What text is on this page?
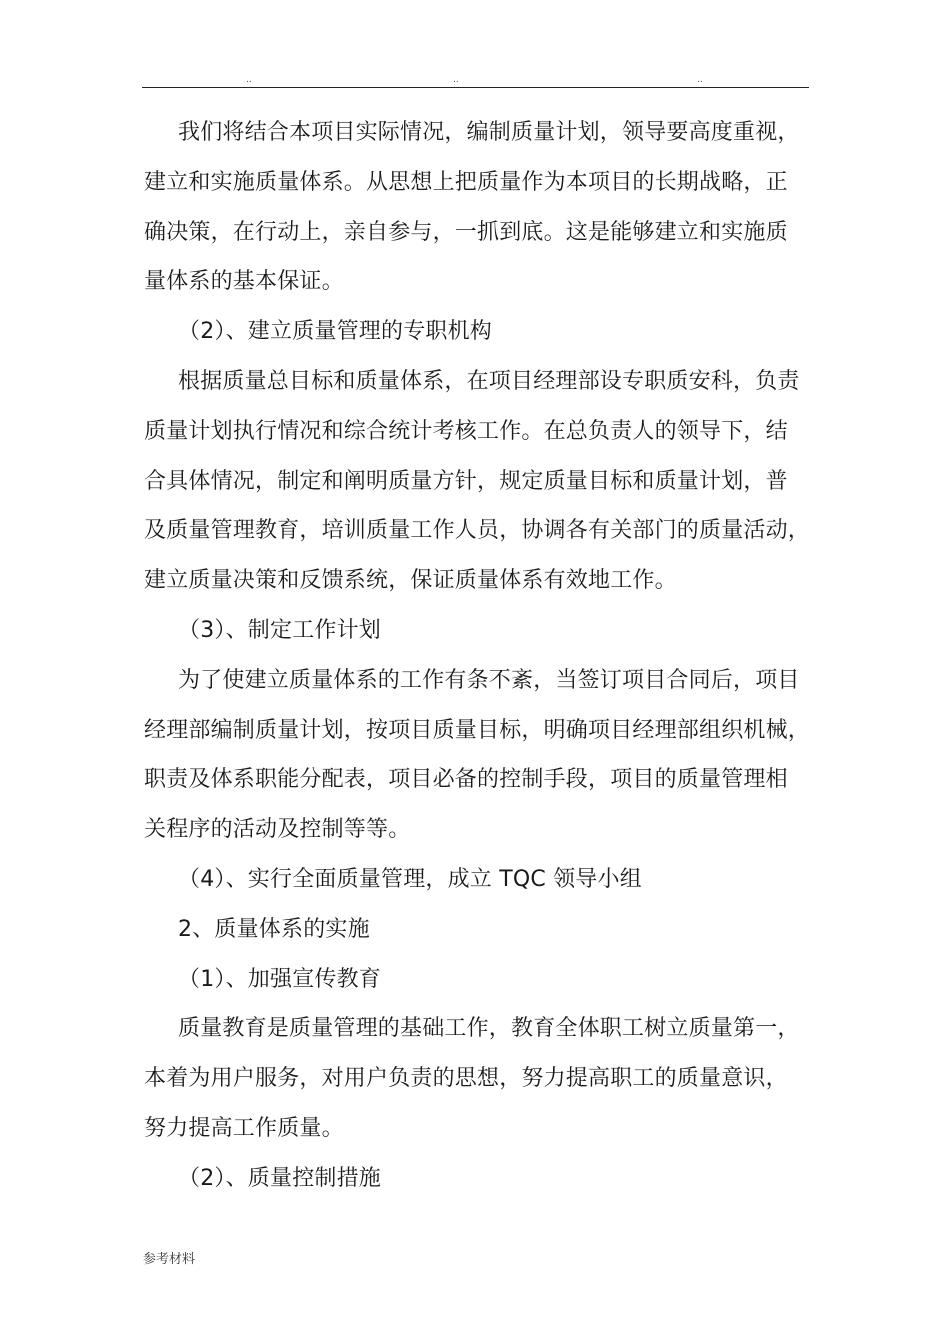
..	..	..
我们将结合本项目实际情况，编制质量计划，领导要高度重视，
建立和实施质量体系。从思想上把质量作为本项目的长期战略，正
确决策，在行动上，亲自参与，一抓到底。这是能够建立和实施质
量体系的基本保证。
（2）、建立质量管理的专职机构
根据质量总目标和质量体系，在项目经理部设专职质安科，负责
质量计划执行情况和综合统计考核工作。在总负责人的领导下，结
合具体情况，制定和阐明质量方针，规定质量目标和质量计划，普
及质量管理教育，培训质量工作人员，协调各有关部门的质量活动，
建立质量决策和反馈系统，保证质量体系有效地工作。
（3）、制定工作计划
为了使建立质量体系的工作有条不紊，当签订项目合同后，项目
经理部编制质量计划，按项目质量目标，明确项目经理部组织机械，
职责及体系职能分配表，项目必备的控制手段，项目的质量管理相
关程序的活动及控制等等。
（4）、实行全面质量管理，成立 TQC 领导小组
2、质量体系的实施
（1）、加强宣传教育
质量教育是质量管理的基础工作，教育全体职工树立质量第一，
本着为用户服务，对用户负责的思想，努力提高职工的质量意识，
努力提高工作质量。
（2）、质量控制措施
参考材料
